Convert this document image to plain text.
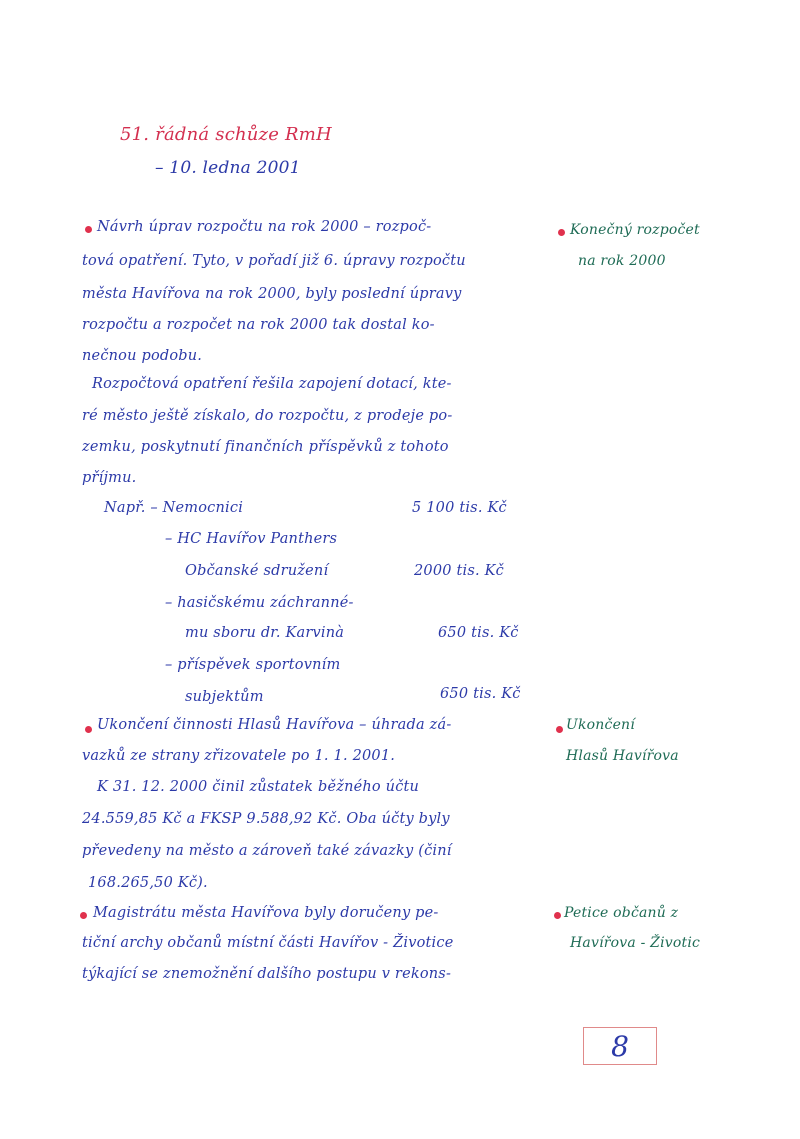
51. řádná schůze RmH
– 10. ledna 2001
Návrh úprav rozpočtu na rok 2000 – rozpoč-
tová opatření. Tyto, v pořadí již 6. úpravy rozpočtu
města Havířova na rok 2000, byly poslední úpravy
rozpočtu a rozpočet na rok 2000 tak dostal ko-
nečnou podobu.
Rozpočtová opatření řešila zapojení dotací, kte-
ré město ještě získalo, do rozpočtu, z prodeje po-
zemku, poskytnutí finančních příspěvků z tohoto
příjmu.
Např. – Nemocnici	5 100 tis. Kč
– HC Havířov Panthers
Občanské sdružení	2000 tis. Kč
– hasičskému záchranné-
mu sboru dr. Karvinà	650 tis. Kč
– příspěvek sportovním
subjektům	650 tis. Kč
Ukončení činnosti Hlasů Havířova – úhrada zá-
vazků ze strany zřizovatele po 1. 1. 2001.
K 31. 12. 2000 činil zůstatek běžného účtu
24.559,85 Kč a FKSP 9.588,92 Kč. Oba účty byly
převedeny na město a zároveň také závazky (činí
168.265,50 Kč).
Magistrátu města Havířova byly doručeny pe-
tiční archy občanů místní části Havířov - Životice
týkající se znemožnění dalšího postupu v rekons-
Konečný rozpočet
na rok 2000
Ukončení
Hlasů Havířova
Petice občanů z
Havířova - Životic
8
